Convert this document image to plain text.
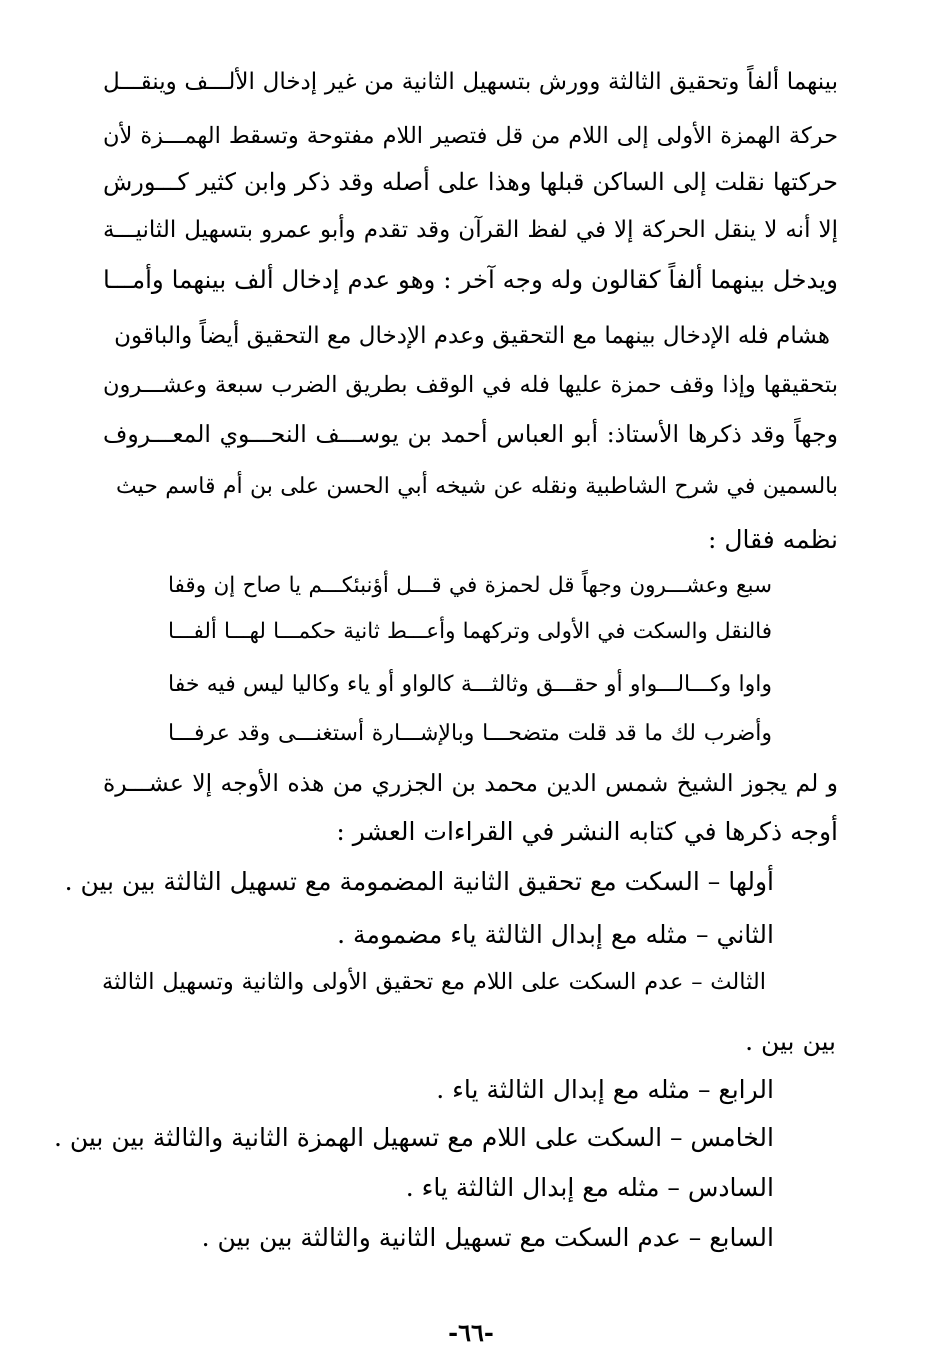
بينهما ألفاً وتحقيق الثالثة وورش بتسهيل الثانية من غير إدخال الألـــف وينقـــل
حركة الهمزة الأولى إلى اللام من قل فتصير اللام مفتوحة وتسقط الهمـــزة لأن
حركتها نقلت إلى الساكن قبلها وهذا على أصله وقد ذكر وابن كثير كـــورش
إلا أنه لا ينقل الحركة إلا في لفظ القرآن وقد تقدم وأبو عمرو بتسهيل الثانيـــة
ويدخل بينهما ألفاً كقالون وله وجه آخر : وهو عدم إدخال ألف بينهما وأمـــا
هشام فله الإدخال بينهما مع التحقيق وعدم الإدخال مع التحقيق أيضاً والباقون
بتحقيقها وإذا وقف حمزة عليها فله في الوقف بطريق الضرب سبعة وعشـــرون
وجهاً وقد ذكرها الأستاذ: أبو العباس أحمد بن يوســـف النحـــوي المعـــروف
بالسمين في شرح الشاطبية ونقله عن شيخه أبي الحسن على بن أم قاسم حيث
نظمه فقال :
سبع وعشـــرون وجهاً قل لحمزة في قـــل أؤنبئكـــم يا صاح إن وقفا
فالنقل والسكت في الأولى وتركهما وأعـــط ثانية حكمـــا لهـــا ألفـــا
واوا وكـــالـــواو أو حقـــق وثالثـــة كالواو أو ياء وكاليا ليس فيه خفا
وأضرب لك ما قد قلت متضحـــا وبالإشـــارة أستغنـــى وقد عرفـــا
و لم يجوز الشيخ شمس الدين محمد بن الجزري من هذه الأوجه إلا عشـــرة
أوجه ذكرها في كتابه النشر في القراءات العشر :
أولها – السكت مع تحقيق الثانية المضمومة مع تسهيل الثالثة بين بين .
الثاني – مثله مع إبدال الثالثة ياء مضمومة .
الثالث – عدم السكت على اللام مع تحقيق الأولى والثانية وتسهيل الثالثة
بين بين .
الرابع – مثله مع إبدال الثالثة ياء .
الخامس – السكت على اللام مع تسهيل الهمزة الثانية والثالثة بين بين .
السادس – مثله مع إبدال الثالثة ياء .
السابع – عدم السكت مع تسهيل الثانية والثالثة بين بين .
-٦٦-
